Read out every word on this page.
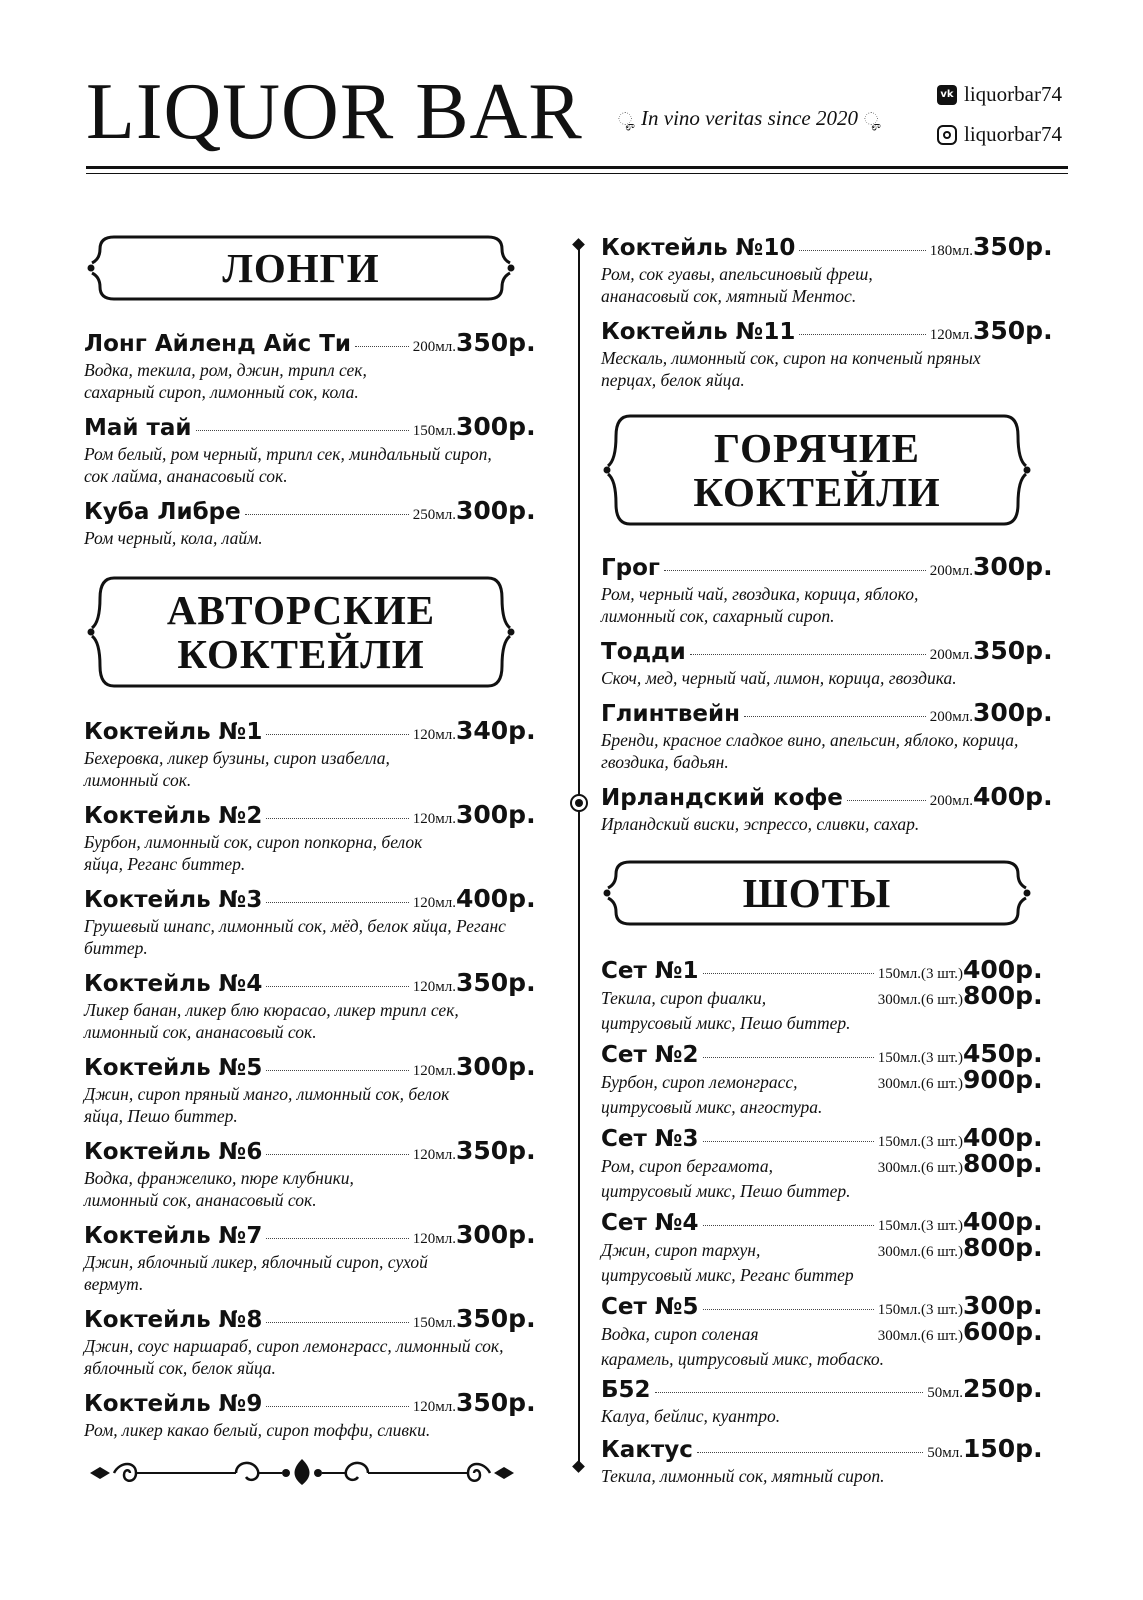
LIQUOR BAR	ೄ In vino veritas since 2020 ೄ
vk liquorbar74
liquorbar74
ЛОНГИ
АВТОРСКИЕ
КОКТЕЙЛИ
ГОРЯЧИЕ
КОКТЕЙЛИ
ШОТЫ
Лонг Айленд Айс Ти	200мл. 350р.
Водка, текила, ром, джин, трипл сек, сахарный сироп, лимонный сок, кола.
Май тай	150мл. 300р.
Ром белый, ром черный, трипл сек, миндальный сироп, сок лайма, ананасовый сок.
Куба Либре	250мл. 300р.
Ром черный, кола, лайм.
Коктейль №1	120мл. 340р.
Бехеровка, ликер бузины, сироп изабелла, лимонный сок.
Коктейль №2	120мл. 300р.
Бурбон, лимонный сок, сироп попкорна, белок яйца, Реганс биттер.
Коктейль №3	120мл. 400р.
Грушевый шнапс, лимонный сок, мёд, белок яйца, Реганс биттер.
Коктейль №4	120мл. 350р.
Ликер банан, ликер блю кюрасао, ликер трипл сек, лимонный сок, ананасовый сок.
Коктейль №5	120мл. 300р.
Джин, сироп пряный манго, лимонный сок, белок яйца, Пешо биттер.
Коктейль №6	120мл. 350р.
Водка, франжелико, пюре клубники, лимонный сок, ананасовый сок.
Коктейль №7	120мл. 300р.
Джин, яблочный ликер, яблочный сироп, сухой вермут.
Коктейль №8	150мл. 350р.
Джин, соус наршараб, сироп лемонграсс, лимонный сок, яблочный сок, белок яйца.
Коктейль №9	120мл. 350р.
Ром, ликер какао белый, сироп тоффи, сливки.
Коктейль №10	180мл. 350р.
Ром, сок гуавы, апельсиновый фреш, ананасовый сок, мятный Ментос.
Коктейль №11	120мл. 350р.
Мескаль, лимонный сок, сироп на копченый пряных перцах, белок яйца.
Грог	200мл. 300р.
Ром, черный чай, гвоздика, корица, яблоко, лимонный сок, сахарный сироп.
Тодди	200мл. 350р.
Скоч, мед, черный чай, лимон, корица, гвоздика.
Глинтвейн	200мл. 300р.
Бренди, красное сладкое вино, апельсин, яблоко, корица, гвоздика, бадьян.
Ирландский кофе	200мл. 400р.
Ирландский виски, эспрессо, сливки, сахар.
Сет №1	150мл.(3 шт.) 400р.
Текила, сироп фиалки,	300мл.(6 шт.) 800р.
цитрусовый микс, Пешо биттер.
Сет №2	150мл.(3 шт.) 450р.
Бурбон, сироп лемонграсс,	300мл.(6 шт.) 900р.
цитрусовый микс, ангостура.
Сет №3	150мл.(3 шт.) 400р.
Ром, сироп бергамота,	300мл.(6 шт.) 800р.
цитрусовый микс, Пешо биттер.
Сет №4	150мл.(3 шт.) 400р.
Джин, сироп тархун,	300мл.(6 шт.) 800р.
цитрусовый микс, Реганс биттер
Сет №5	150мл.(3 шт.) 300р.
Водка, сироп соленая	300мл.(6 шт.) 600р.
карамель, цитрусовый микс, тобаско.
Б52	50мл. 250р.
Калуа, бейлис, куантро.
Кактус	50мл. 150р.
Текила, лимонный сок, мятный сироп.
